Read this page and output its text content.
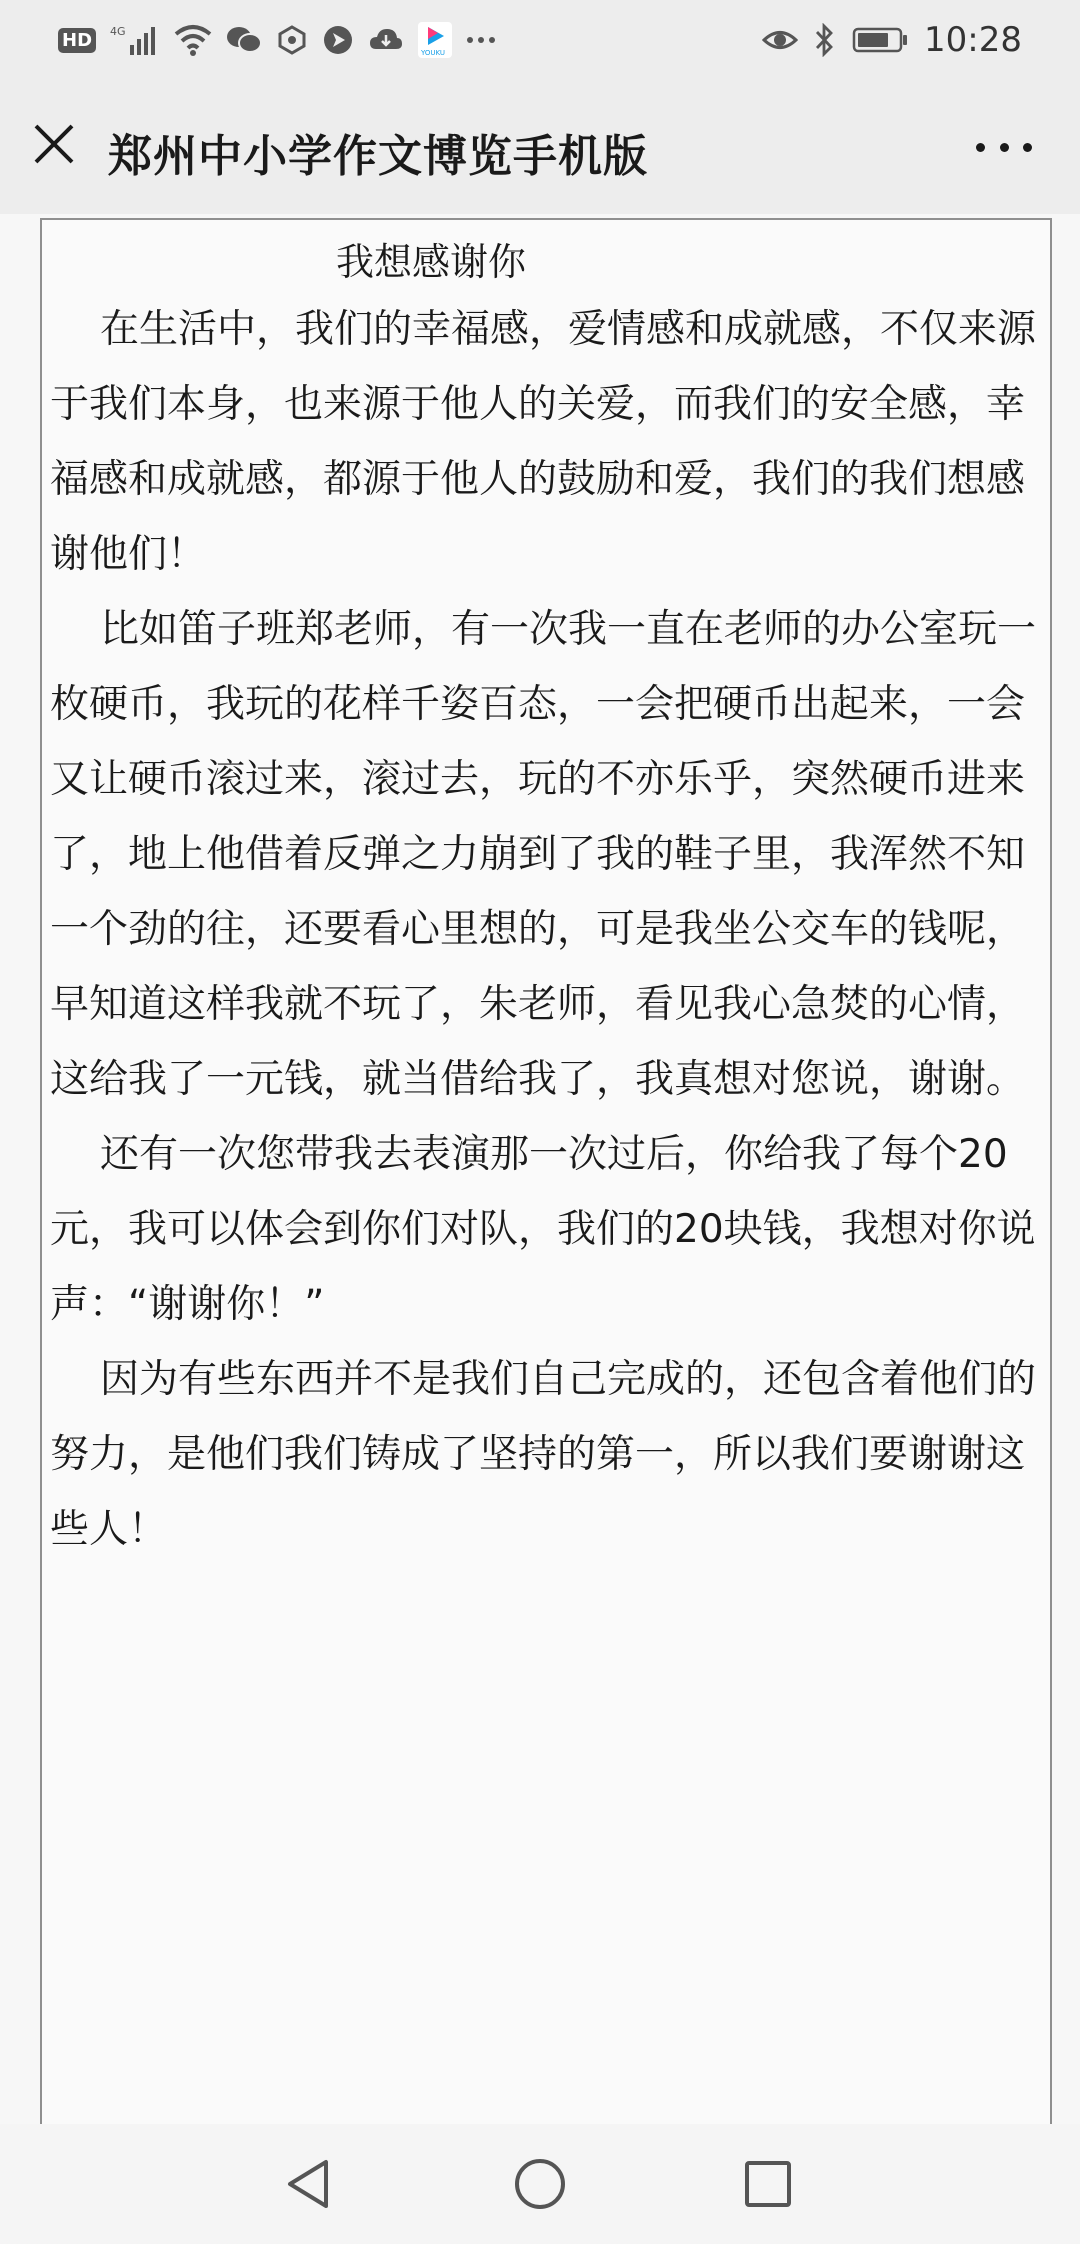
HD	4G
YOUKU	10:28
郑州中小学作文博览手机版
我想感谢你

在生活中，我们的幸福感，爱情感和成就感，不仅来源于我们本身，也来源于他人的关爱，而我们的安全感，幸福感和成就感，都源于他人的鼓励和爱，我们的我们想感谢他们！

比如笛子班郑老师，有一次我一直在老师的办公室玩一枚硬币，我玩的花样千姿百态，一会把硬币出起来，一会又让硬币滚过来，滚过去，玩的不亦乐乎，突然硬币进来了，地上他借着反弹之力崩到了我的鞋子里，我浑然不知一个劲的往，还要看心里想的，可是我坐公交车的钱呢，早知道这样我就不玩了，朱老师，看见我心急焚的心情，这给我了一元钱，就当借给我了，我真想对您说，谢谢。

还有一次您带我去表演那一次过后，你给我了每个20元，我可以体会到你们对队，我们的20块钱，我想对你说声：“谢谢你！”

因为有些东西并不是我们自己完成的，还包含着他们的努力，是他们我们铸成了坚持的第一，所以我们要谢谢这些人！
